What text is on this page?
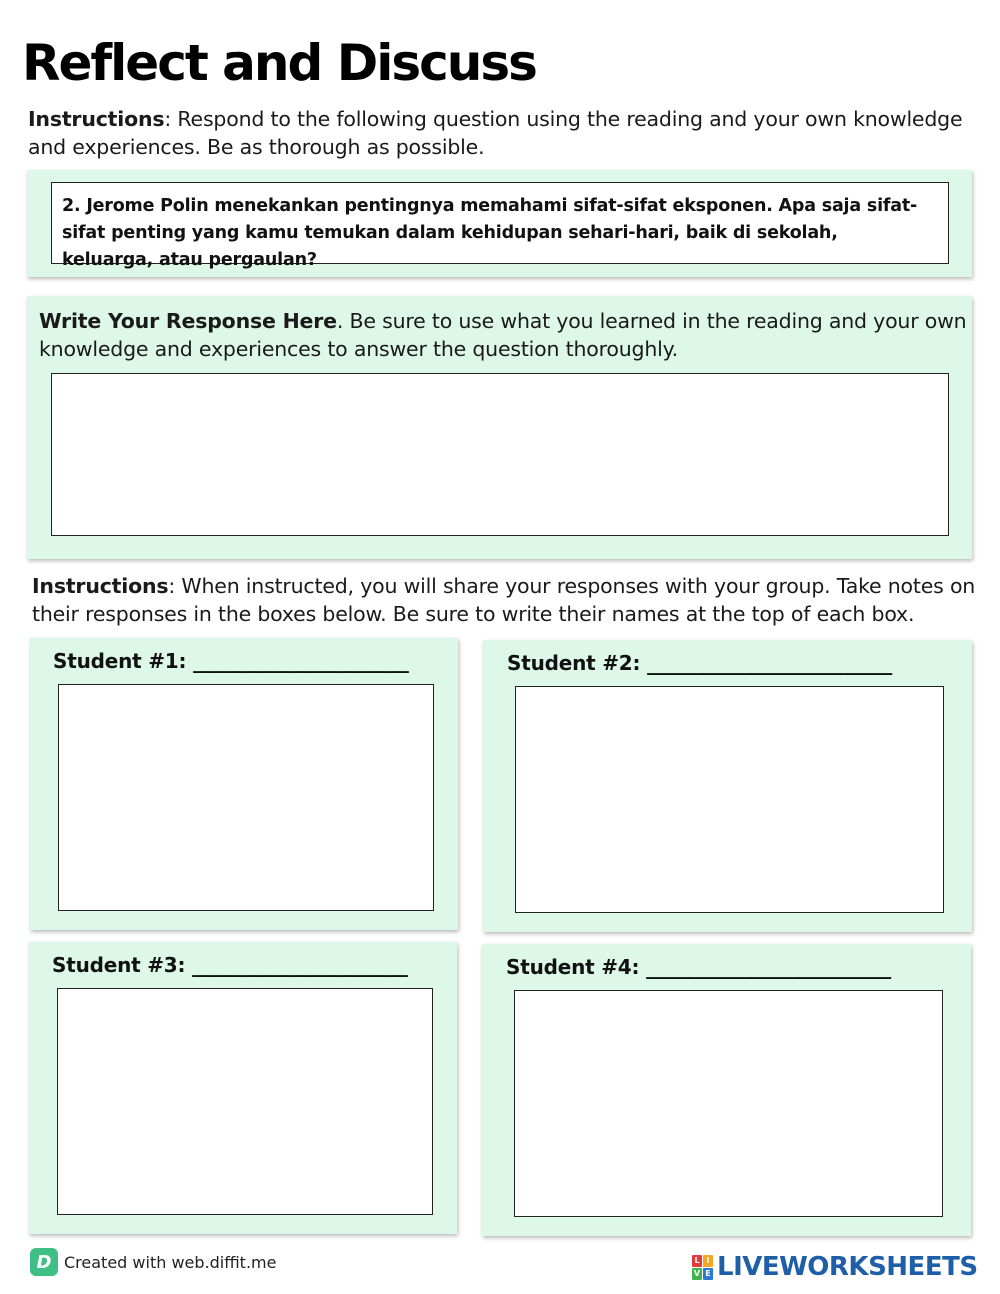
Reflect and Discuss
Instructions: Respond to the following question using the reading and your own knowledge and experiences. Be as thorough as possible.
2. Jerome Polin menekankan pentingnya memahami sifat-sifat eksponen. Apa saja sifat-sifat penting yang kamu temukan dalam kehidupan sehari-hari, baik di sekolah, keluarga, atau pergaulan?
Write Your Response Here. Be sure to use what you learned in the reading and your own knowledge and experiences to answer the question thoroughly.
Instructions: When instructed, you will share your responses with your group. Take notes on their responses in the boxes below. Be sure to write their names at the top of each box.
Student #1: ______________________	Student #2: _________________________
Student #3: ______________________	Student #4: _________________________
D Created with web.diffit.me	L I
V E LIVEWORKSHEETS
